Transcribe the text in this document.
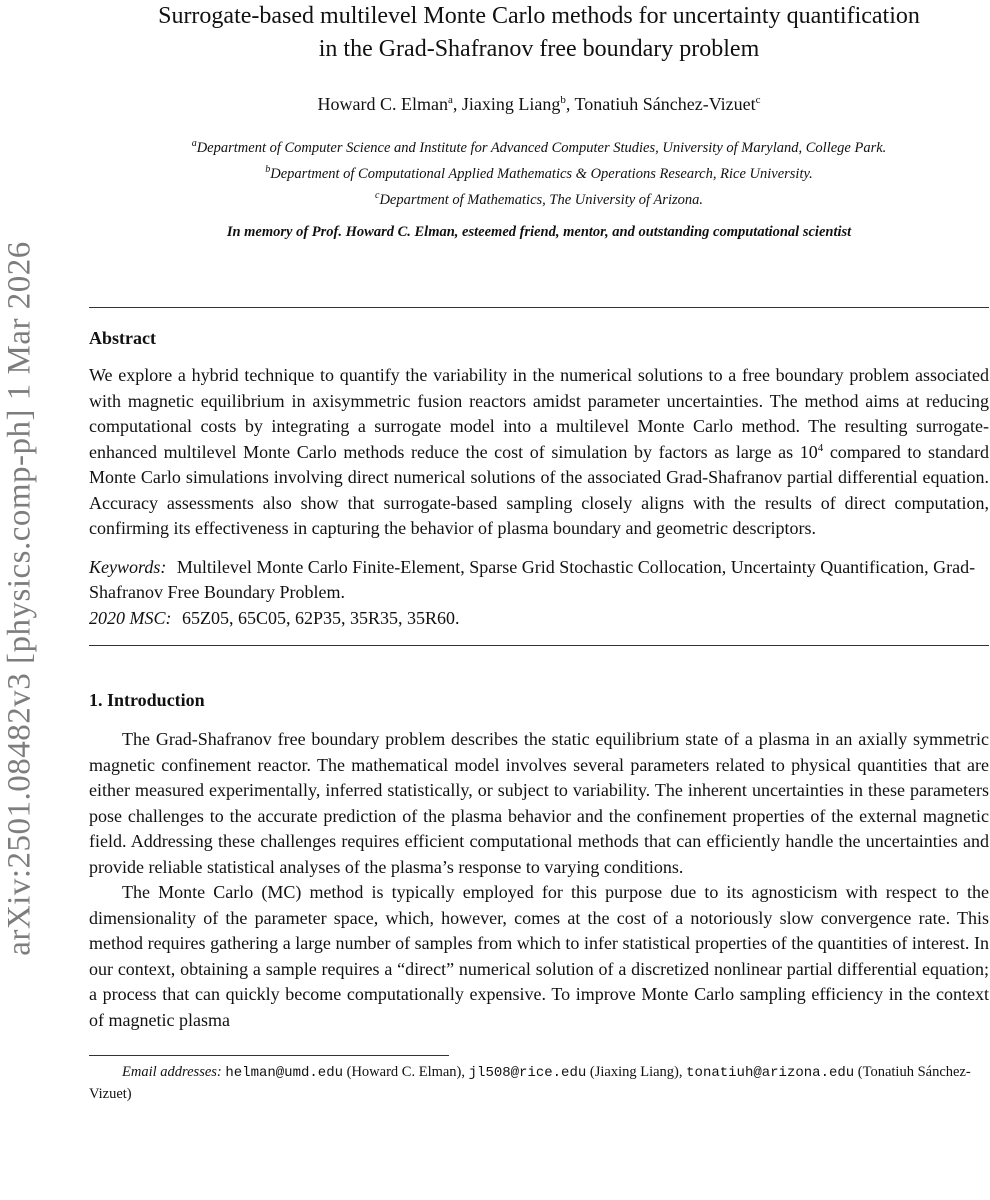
arXiv:2501.08482v3 [physics.comp-ph] 1 Mar 2026
Surrogate-based multilevel Monte Carlo methods for uncertainty quantification
in the Grad-Shafranov free boundary problem
Howard C. Elman$^a$, Jiaxing Liang$^b$, Tonatiuh Sánchez-Vizuet$^c$
$^a$Department of Computer Science and Institute for Advanced Computer Studies, University of Maryland, College Park.
$^b$Department of Computational Applied Mathematics & Operations Research, Rice University.
$^c$Department of Mathematics, The University of Arizona.
In memory of Prof. Howard C. Elman, esteemed friend, mentor, and outstanding computational scientist
Abstract

We explore a hybrid technique to quantify the variability in the numerical solutions to a free boundary problem associated with magnetic equilibrium in axisymmetric fusion reactors amidst parameter uncertainties. The method aims at reducing computational costs by integrating a surrogate model into a multilevel Monte Carlo method. The resulting surrogate-enhanced multilevel Monte Carlo methods reduce the cost of simulation by factors as large as $10^4$ compared to standard Monte Carlo simulations involving direct numerical solutions of the associated Grad-Shafranov partial differential equation. Accuracy assessments also show that surrogate-based sampling closely aligns with the results of direct computation, confirming its effectiveness in capturing the behavior of plasma boundary and geometric descriptors.

Keywords: Multilevel Monte Carlo Finite-Element, Sparse Grid Stochastic Collocation, Uncertainty Quantification, Grad-Shafranov Free Boundary Problem.

2020 MSC: 65Z05, 65C05, 62P35, 35R35, 35R60.

1. Introduction

The Grad-Shafranov free boundary problem describes the static equilibrium state of a plasma in an axially symmetric magnetic confinement reactor. The mathematical model involves several parameters related to physical quantities that are either measured experimentally, inferred statistically, or subject to variability. The inherent uncertainties in these parameters pose challenges to the accurate prediction of the plasma behavior and the confinement properties of the external magnetic field. Addressing these challenges requires efficient computational methods that can efficiently handle the uncertainties and provide reliable statistical analyses of the plasma’s response to varying conditions.

The Monte Carlo (MC) method is typically employed for this purpose due to its agnosticism with respect to the dimensionality of the parameter space, which, however, comes at the cost of a notoriously slow convergence rate. This method requires gathering a large number of samples from which to infer statistical properties of the quantities of interest. In our context, obtaining a sample requires a “direct” numerical solution of a discretized nonlinear partial differential equation; a process that can quickly become computationally expensive. To improve Monte Carlo sampling efficiency in the context of magnetic plasma

Email addresses: helman@umd.edu (Howard C. Elman), jl508@rice.edu (Jiaxing Liang), tonatiuh@arizona.edu (Tonatiuh Sánchez-Vizuet)
